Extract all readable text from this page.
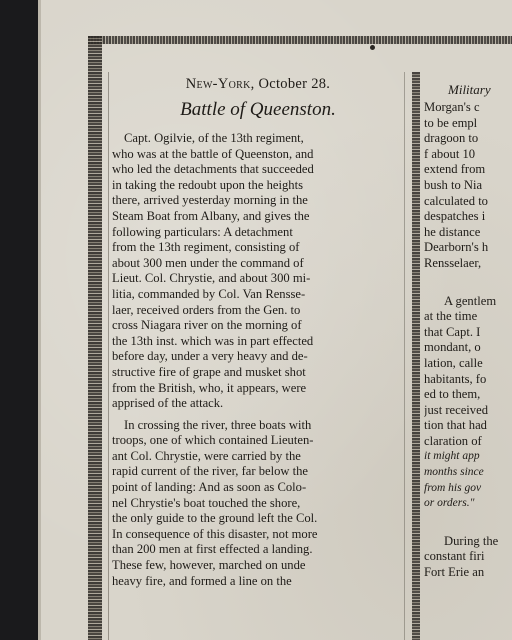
New-York, October 28.
Battle of Queenston.
Capt. Ogilvie, of the 13th regiment,
who was at the battle of Queenston, and
who led the detachments that succeeded
in taking the redoubt upon the heights
there, arrived yesterday morning in the
Steam Boat from Albany, and gives the
following particulars: A detachment
from the 13th regiment, consisting of
about 300 men under the command of
Lieut. Col. Chrystie, and about 300 mi-
litia, commanded by Col. Van Rensse-
laer, received orders from the Gen. to
cross Niagara river on the morning of
the 13th inst. which was in part effected
before day, under a very heavy and de-
structive fire of grape and musket shot
from the British, who, it appears, were
apprised of the attack.
In crossing the river, three boats with
troops, one of which contained Lieuten-
ant Col. Chrystie, were carried by the
rapid current of the river, far below the
point of landing: And as soon as Colo-
nel Chrystie's boat touched the shore,
the only guide to the ground left the Col.
In consequence of this disaster, not more
than 200 men at first effected a landing.
These few, however, marched on unde
heavy fire, and formed a line on the
Military
Morgan's c
to be empl
dragoon to
f about 10
extend from
bush to Nia
calculated to
despatches i
he distance
Dearborn's h
Rensselaer,
A gentlem
at the time
that Capt. I
mondant, o
lation, calle
habitants, fo
ed to them,
just received
tion that had
claration of
it might app
months since
from his gov
or orders."
During the
constant firi
Fort Erie an
